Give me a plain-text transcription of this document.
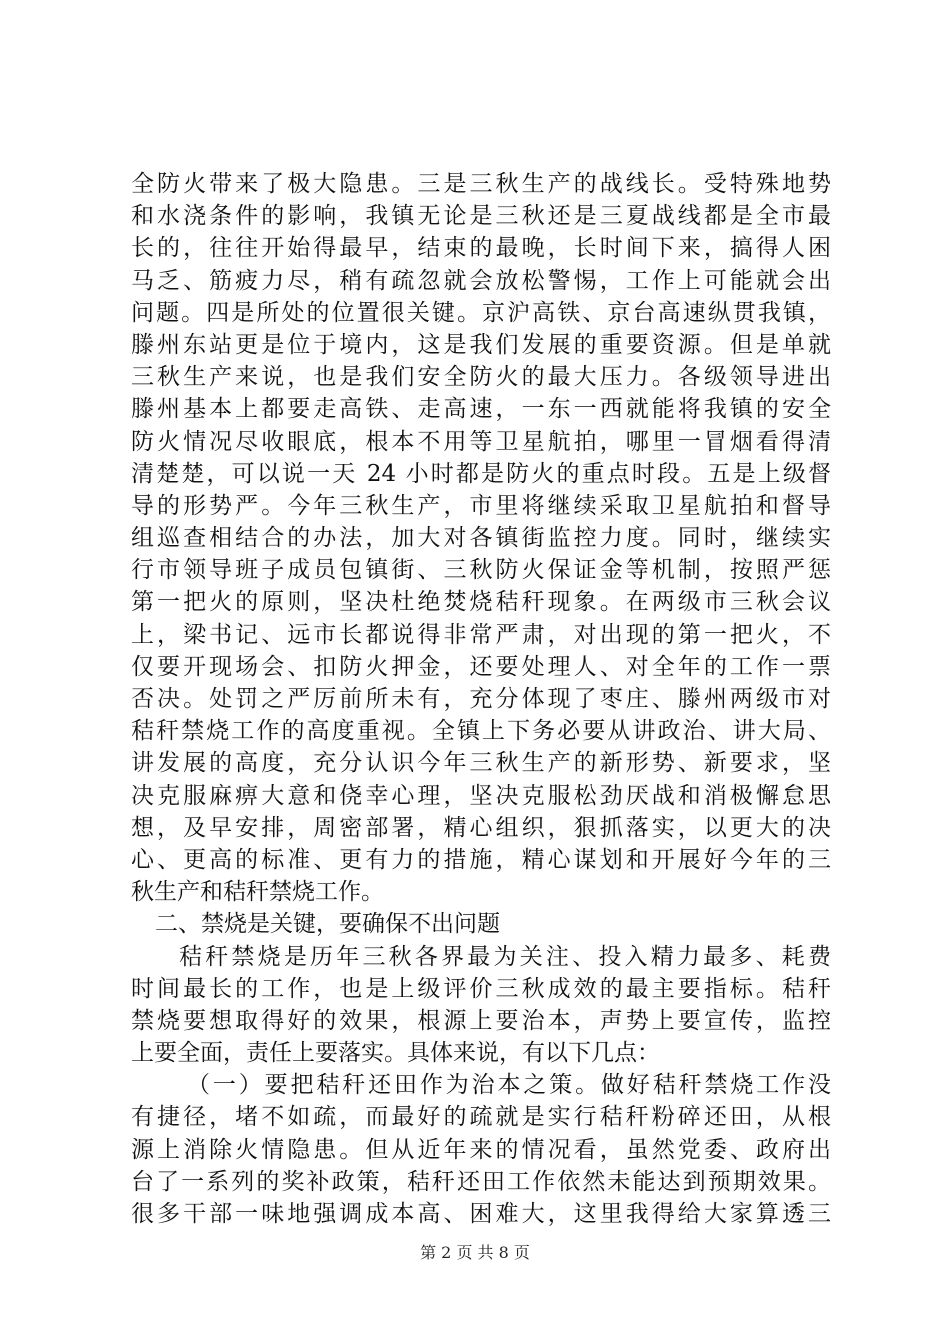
全防火带来了极大隐患。三是三秋生产的战线长。受特殊地势
和水浇条件的影响，我镇无论是三秋还是三夏战线都是全市最
长的，往往开始得最早，结束的最晚，长时间下来，搞得人困
马乏、筋疲力尽，稍有疏忽就会放松警惕，工作上可能就会出
问题。四是所处的位置很关键。京沪高铁、京台高速纵贯我镇，
滕州东站更是位于境内，这是我们发展的重要资源。但是单就
三秋生产来说，也是我们安全防火的最大压力。各级领导进出
滕州基本上都要走高铁、走高速，一东一西就能将我镇的安全
防火情况尽收眼底，根本不用等卫星航拍，哪里一冒烟看得清
清楚楚，可以说一天 24 小时都是防火的重点时段。五是上级督
导的形势严。今年三秋生产，市里将继续采取卫星航拍和督导
组巡查相结合的办法，加大对各镇街监控力度。同时，继续实
行市领导班子成员包镇街、三秋防火保证金等机制，按照严惩
第一把火的原则，坚决杜绝焚烧秸秆现象。在两级市三秋会议
上，梁书记、远市长都说得非常严肃，对出现的第一把火，不
仅要开现场会、扣防火押金，还要处理人、对全年的工作一票
否决。处罚之严厉前所未有，充分体现了枣庄、滕州两级市对
秸秆禁烧工作的高度重视。全镇上下务必要从讲政治、讲大局、
讲发展的高度，充分认识今年三秋生产的新形势、新要求，坚
决克服麻痹大意和侥幸心理，坚决克服松劲厌战和消极懈怠思
想，及早安排，周密部署，精心组织，狠抓落实，以更大的决
心、更高的标准、更有力的措施，精心谋划和开展好今年的三
秋生产和秸秆禁烧工作。
二、禁烧是关键，要确保不出问题
秸秆禁烧是历年三秋各界最为关注、投入精力最多、耗费
时间最长的工作，也是上级评价三秋成效的最主要指标。秸秆
禁烧要想取得好的效果，根源上要治本，声势上要宣传，监控
上要全面，责任上要落实。具体来说，有以下几点：
（一）要把秸秆还田作为治本之策。做好秸秆禁烧工作没
有捷径，堵不如疏，而最好的疏就是实行秸秆粉碎还田，从根
源上消除火情隐患。但从近年来的情况看，虽然党委、政府出
台了一系列的奖补政策，秸秆还田工作依然未能达到预期效果。
很多干部一味地强调成本高、困难大，这里我得给大家算透三
第 2 页 共 8 页
